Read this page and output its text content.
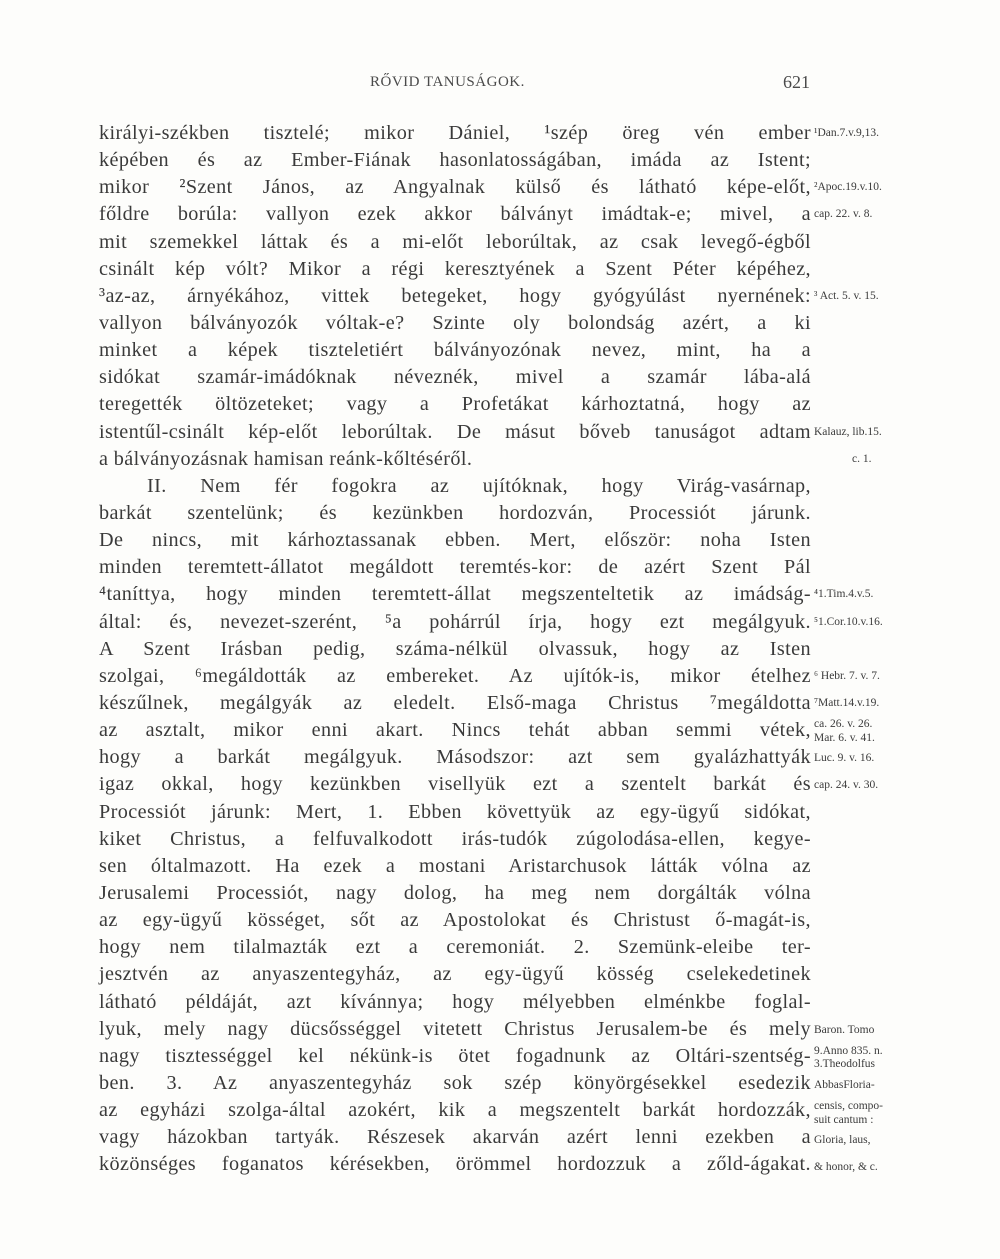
RŐVID TANUSÁGOK.	621
királyi-székben tisztelé; mikor Dániel, ¹szép öreg vén ember
képében és az Ember-Fiának hasonlatosságában, imáda az Istent;
mikor ²Szent János, az Angyalnak külső és látható képe-előt,
főldre borúla: vallyon ezek akkor bálványt imádtak-e; mivel, a
mit szemekkel láttak és a mi-előt leborúltak, az csak levegő-égből
csinált kép vólt? Mikor a régi keresztyének a Szent Péter képéhez,
³az-az, árnyékához, vittek betegeket, hogy gyógyúlást nyernének:
vallyon bálványozók vóltak-e? Szinte oly bolondság azért, a ki
minket a képek tiszteletiért bálványozónak nevez, mint, ha a
sidókat szamár-imádóknak néveznék, mivel a szamár lába-alá
teregették öltözeteket; vagy a Profetákat kárhoztatná, hogy az
istentűl-csinált kép-előt leborúltak. De másut bőveb tanuságot adtam
a bálványozásnak hamisan reánk-kőltéséről.
II. Nem fér fogokra az ujítóknak, hogy Virág-vasárnap,
barkát szentelünk; és kezünkben hordozván, Processiót járunk.
De nincs, mit kárhoztassanak ebben. Mert, először: noha Isten
minden teremtett-állatot megáldott teremtés-kor: de azért Szent Pál
⁴taníttya, hogy minden teremtett-állat megszenteltetik az imádság-
által: és, nevezet-szerént, ⁵a pohárrúl írja, hogy ezt megálgyuk.
A Szent Irásban pedig, száma-nélkül olvassuk, hogy az Isten
szolgai, ⁶megáldották az embereket. Az ujítók-is, mikor ételhez
készűlnek, megálgyák az eledelt. Első-maga Christus ⁷megáldotta
az asztalt, mikor enni akart. Nincs tehát abban semmi vétek,
hogy a barkát megálgyuk. Másodszor: azt sem gyalázhattyák
igaz okkal, hogy kezünkben visellyük ezt a szentelt barkát és
Processiót járunk: Mert, 1. Ebben követtyük az egy-ügyű sidókat,
kiket Christus, a felfuvalkodott irás-tudók zúgolodása-ellen, kegye-
sen óltalmazott. Ha ezek a mostani Aristarchusok látták vólna az
Jerusalemi Processiót, nagy dolog, ha meg nem dorgálták vólna
az egy-ügyű kösséget, sőt az Apostolokat és Christust ő-magát-is,
hogy nem tilalmazták ezt a ceremoniát. 2. Szemünk-eleibe ter-
jesztvén az anyaszentegyház, az egy-ügyű kösség cselekedetinek
látható példáját, azt kívánnya; hogy mélyebben elménkbe foglal-
lyuk, mely nagy dücsősséggel vitetett Christus Jerusalem-be és mely
nagy tisztességgel kel nékünk-is ötet fogadnunk az Oltári-szentség-
ben. 3. Az anyaszentegyház sok szép könyörgésekkel esedezik
az egyházi szolga-által azokért, kik a megszentelt barkát hordozzák,
vagy házokban tartyák. Részesek akarván azért lenni ezekben a
közönséges foganatos kérésekben, örömmel hordozzuk a zőld-ágakat.
¹Dan.7.v.9,13.
²Apoc.19.v.10.
cap. 22. v. 8.
³ Act. 5. v. 15.
Kalauz, lib.15.
c. 1.
⁴1.Tim.4.v.5.
⁵1.Cor.10.v.16.
⁶ Hebr. 7. v. 7.
⁷Matt.14.v.19.
ca. 26. v. 26.
Mar. 6. v. 41.
Luc. 9. v. 16.
cap. 24. v. 30.
Baron. Tomo
9.Anno 835. n.
3.Theodolfus
AbbasFloria-
censis, compo-
suit cantum :
Gloria, laus,
& honor, & c.
